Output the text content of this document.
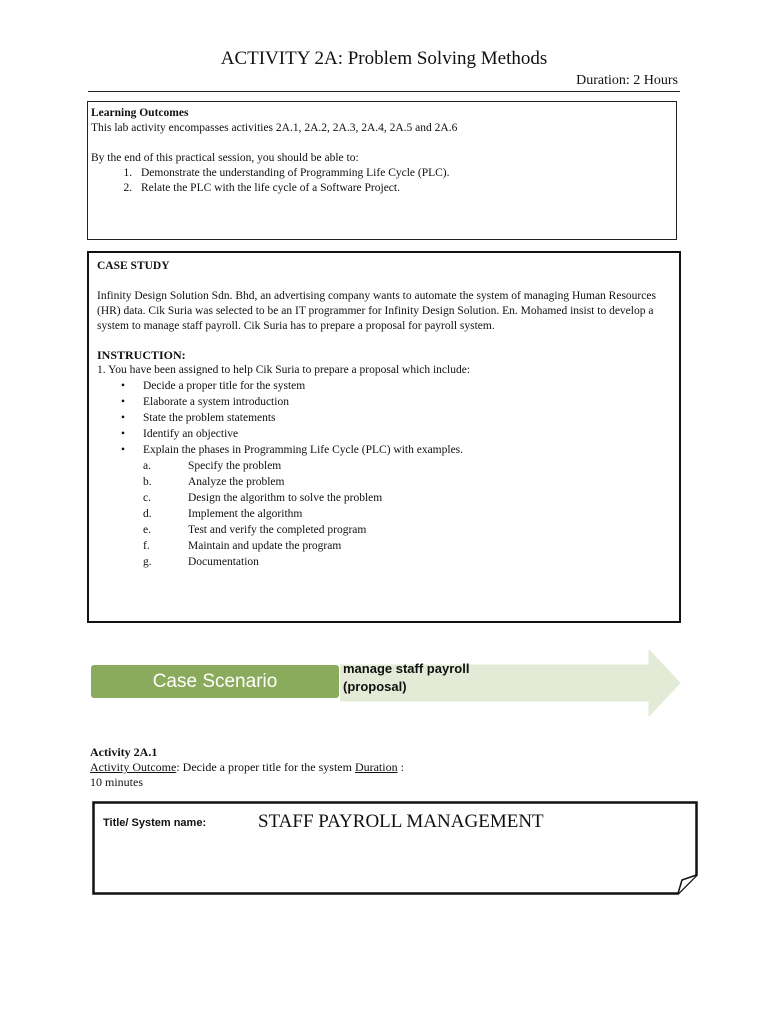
ACTIVITY 2A: Problem Solving Methods
Duration: 2 Hours
Learning Outcomes
This lab activity encompasses activities 2A.1, 2A.2, 2A.3, 2A.4, 2A.5 and 2A.6
By the end of this practical session, you should be able to:
1. Demonstrate the understanding of Programming Life Cycle (PLC).
2. Relate the PLC with the life cycle of a Software Project.
CASE STUDY
Infinity Design Solution Sdn. Bhd, an advertising company wants to automate the system of managing Human Resources (HR) data. Cik Suria was selected to be an IT programmer for Infinity Design Solution. En. Mohamed insist to develop a system to manage staff payroll. Cik Suria has to prepare a proposal for payroll system.
INSTRUCTION:
1. You have been assigned to help Cik Suria to prepare a proposal which include:
• Decide a proper title for the system
• Elaborate a system introduction
• State the problem statements
• Identify an objective
• Explain the phases in Programming Life Cycle (PLC) with examples.
a.	Specify the problem
b.	Analyze the problem
c.	Design the algorithm to solve the problem
d.	Implement the algorithm
e.	Test and verify the completed program
f.	Maintain and update the program
g.	Documentation
Case Scenario
manage staff payroll
(proposal)
Activity 2A.1
Activity Outcome: Decide a proper title for the system Duration :
10 minutes
Title/ System name:	STAFF PAYROLL MANAGEMENT
